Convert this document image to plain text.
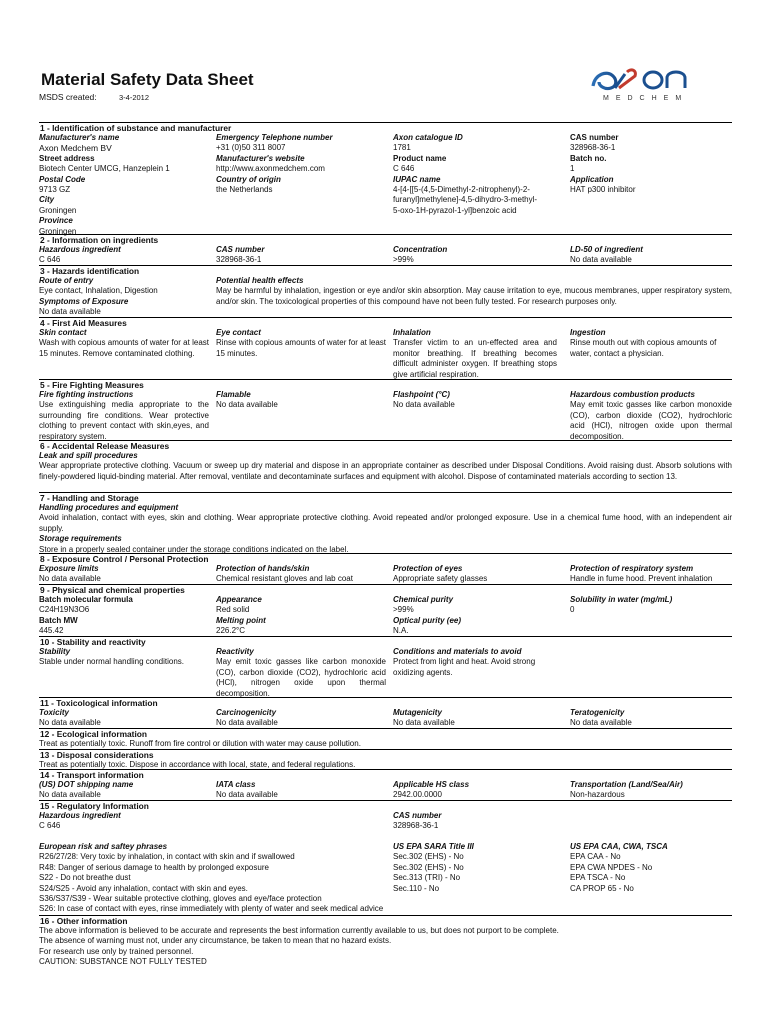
Material Safety Data Sheet
MSDS created:	3-4-2012	MEDCHEM
1 - Identification of substance and manufacturer
Manufacturer's name
Axon Medchem BV
Street address
Biotech Center UMCG, Hanzeplein 1
Postal Code
9713 GZ
City
Groningen
Province
Groningen
Emergency Telephone number
+31 (0)50 311 8007
Manufacturer's website
http://www.axonmedchem.com
Country of origin
the Netherlands
Axon catalogue ID
1781
Product name
C 646
IUPAC name
4-[4-[[5-(4,5-Dimethyl-2-nitrophenyl)-2-
furanyl]methylene]-4,5-dihydro-3-methyl-
5-oxo-1H-pyrazol-1-yl]benzoic acid
CAS number
328968-36-1
Batch no.
1
Application
HAT p300 inhibitor
2 - Information on ingredients
Hazardous ingredient
C 646
CAS number
328968-36-1
Concentration
>99%
LD-50 of ingredient
No data available
3 - Hazards identification
Route of entry
Eye contact, Inhalation, Digestion
Symptoms of Exposure
No data available
Potential health effects
May be harmful by inhalation, ingestion or eye and/or skin absorption. May cause irritation to eye, mucous membranes, upper respiratory system, and/or skin. The toxicological properties of this compound have not been fully tested. For research purposes only.
4 - First Aid Measures
Skin contact
Wash with copious amounts of water for at least 15 minutes. Remove contaminated clothing.
Eye contact
Rinse with copious amounts of water for at least 15 minutes.
Inhalation
Transfer victim to an un-effected area and monitor breathing. If breathing becomes difficult administer oxygen. If breathing stops give artificial respiration.
Ingestion
Rinse mouth out with copious amounts of water, contact a physician.
5 - Fire Fighting Measures
Fire fighting instructions
Use extinguishing media appropriate to the surrounding fire conditions. Wear protective clothing to prevent contact with skin,eyes, and respiratory system.
Flamable
No data available
Flashpoint (°C)
No data available
Hazardous combustion products
May emit toxic gasses like carbon monoxide (CO), carbon dioxide (CO2), hydrochloric acid (HCl), nitrogen oxide upon thermal decomposition.
6 - Accidental Release Measures
Leak and spill procedures
Wear appropriate protective clothing. Vacuum or sweep up dry material and dispose in an appropriate container as described under Disposal Conditions. Avoid raising dust. Absorb solutions with finely-powdered liquid-binding material. After removal, ventilate and decontaminate surfaces and equipment with alcohol. Dispose of contaminated materials according to section 13.
7 - Handling and Storage
Handling procedures and equipment
Avoid inhalation, contact with eyes, skin and clothing. Wear appropriate protective clothing. Avoid repeated and/or prolonged exposure. Use in a chemical fume hood, with an independent air supply.
Storage requirements
Store in a properly sealed container under the storage conditions indicated on the label.
8 - Exposure Control / Personal Protection
Exposure limits
No data available
Protection of hands/skin
Chemical resistant gloves and lab coat
Protection of eyes
Appropriate safety glasses
Protection of respiratory system
Handle in fume hood. Prevent inhalation
9 - Physical and chemical properties
Batch molecular formula
C24H19N3O6
Batch MW
445.42
Appearance
Red solid
Melting point
226.2°C
Chemical purity
>99%
Optical purity (ee)
N.A.
Solubility in water (mg/mL)
0
10 - Stability and reactivity
Stability
Stable under normal handling conditions.
Reactivity
May emit toxic gasses like carbon monoxide (CO), carbon dioxide (CO2), hydrochloric acid (HCl), nitrogen oxide upon thermal decomposition.
Conditions and materials to avoid
Protect from light and heat. Avoid strong oxidizing agents.
11 - Toxicological information
Toxicity
No data available
Carcinogenicity
No data available
Mutagenicity
No data available
Teratogenicity
No data available
12 - Ecological information
Treat as potentially toxic. Runoff from fire control or dilution with water may cause pollution.
13 - Disposal considerations
Treat as potentially toxic. Dispose in accordance with local, state, and federal regulations.
14 - Transport information
(US) DOT shipping name
No data available
IATA class
No data available
Applicable HS class
2942.00.0000
Transportation (Land/Sea/Air)
Non-hazardous
15 - Regulatory Information
Hazardous ingredient
C 646
CAS number
328968-36-1
European risk and saftey phrases
R26/27/28: Very toxic by inhalation, in contact with skin and if swallowed
R48: Danger of serious damage to health by prolonged exposure
S22 - Do not breathe dust
S24/S25 - Avoid any inhalation, contact with skin and eyes.
S36/S37/S39 - Wear suitable protective clothing, gloves and eye/face protection
S26: In case of contact with eyes, rinse immediately with plenty of water and seek medical advice
US EPA SARA Title III
Sec.302 (EHS) - No
Sec.302 (EHS) - No
Sec.313 (TRI) - No
Sec.110 - No
US EPA CAA, CWA, TSCA
EPA CAA - No
EPA CWA NPDES - No
EPA TSCA - No
CA PROP 65 - No
16 - Other information
The above information is believed to be accurate and represents the best information currently available to us, but does not purport to be complete.
The absence of warning must not, under any circumstance, be taken to mean that no hazard exists.
For research use only by trained personnel.
CAUTION: SUBSTANCE NOT FULLY TESTED
